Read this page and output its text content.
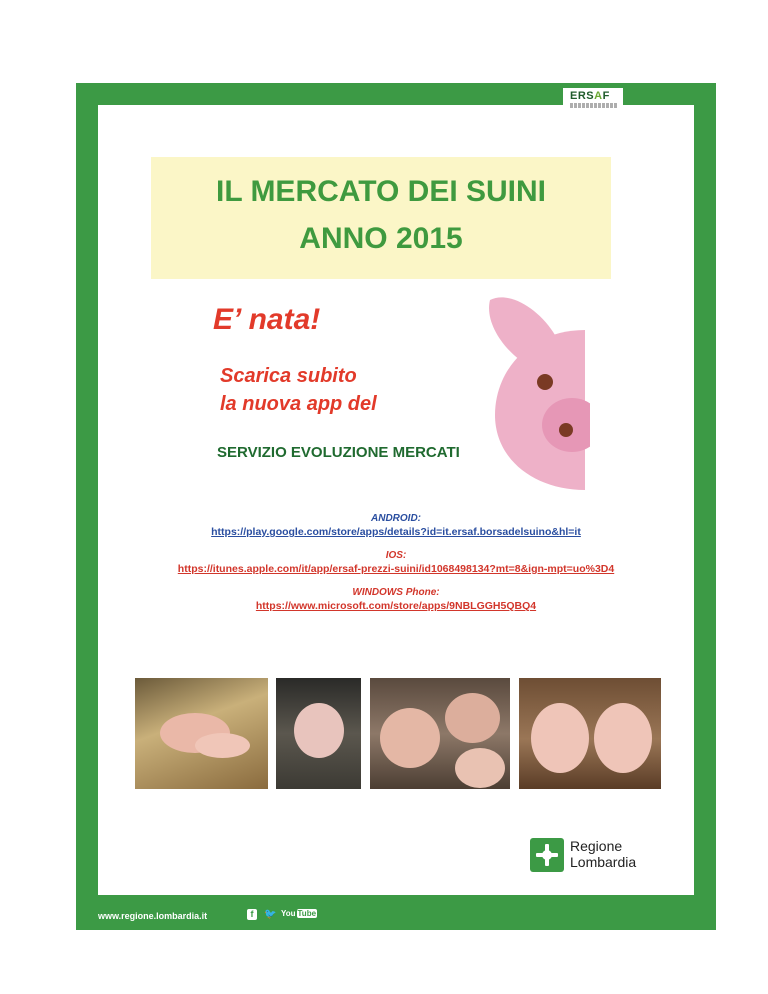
ERSAF
IL MERCATO DEI SUINI
ANNO 2015
E’ nata!
Scarica subito
la nuova app del
SERVIZIO EVOLUZIONE MERCATI
ANDROID:
https://play.google.com/store/apps/details?id=it.ersaf.borsadelsuino&hl=it
IOS:
https://itunes.apple.com/it/app/ersaf-prezzi-suini/id1068498134?mt=8&ign-mpt=uo%3D4
WINDOWS Phone:
https://www.microsoft.com/store/apps/9NBLGGH5QBQ4
Regione
Lombardia
www.regione.lombardia.it	f	🐦 You Tube
